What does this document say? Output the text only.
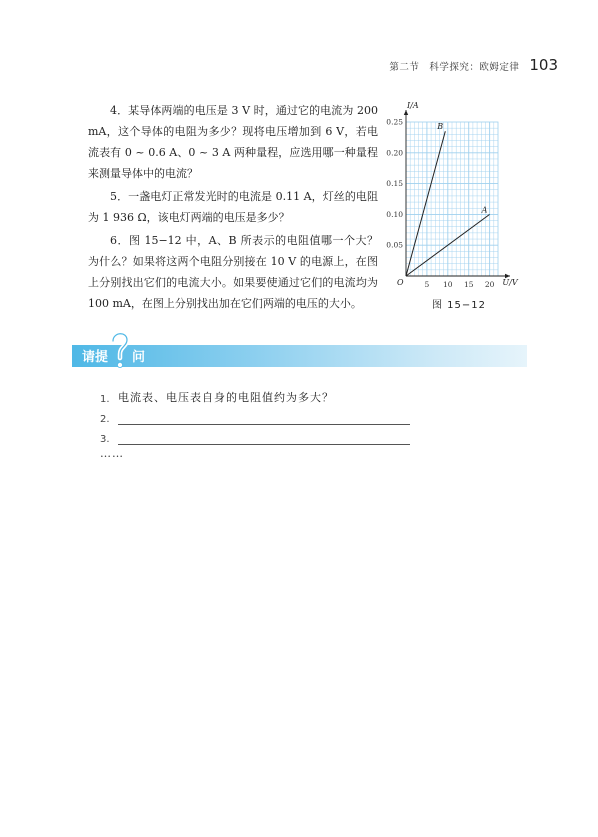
第二节　科学探究：欧姆定律 103

4．某导体两端的电压是 3 V 时，通过它的电流为 200 mA，这个导体的电阻为多少？现将电压增加到 6 V，若电流表有 0 ~ 0.6 A、0 ~ 3 A 两种量程，应选用哪一种量程来测量导体中的电流？

5．一盏电灯正常发光时的电流是 0.11 A，灯丝的电阻为 1 936 Ω，该电灯两端的电压是多少？

6．图 15−12 中，A、B 所表示的电阻值哪一个大？为什么？如果将这两个电阻分别接在 10 V 的电源上，在图上分别找出它们的电流大小。如果要使通过它们的电流均为 100 mA，在图上分别找出加在它们两端的电压的大小。

I/A
U/V
O	5 10 15 20
0.05
0.10
0.15
0.20
0.25
B
A
图 15−12
请提 问
1. 电流表、电压表自身的电阻值约为多大？
2.
3.
……
